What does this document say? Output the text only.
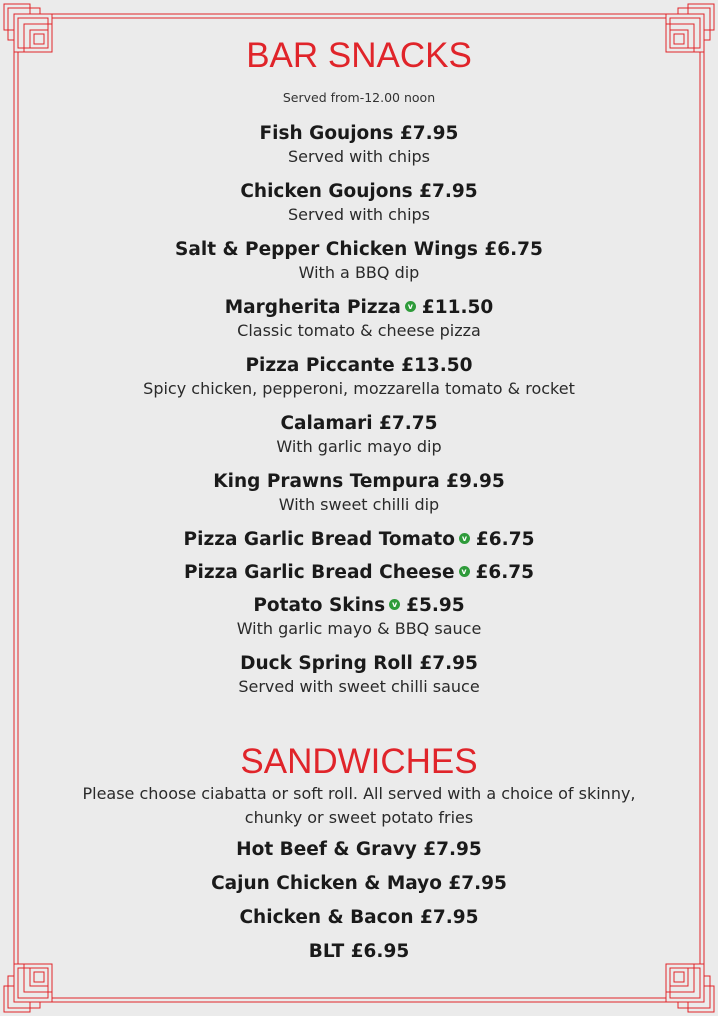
BAR SNACKS
Served from-12.00 noon
Fish Goujons £7.95
Served with chips
Chicken Goujons £7.95
Served with chips
Salt & Pepper Chicken Wings £6.75
With a BBQ dip
Margherita Pizza v £11.50
Classic tomato & cheese pizza
Pizza Piccante £13.50
Spicy chicken, pepperoni, mozzarella tomato & rocket
Calamari £7.75
With garlic mayo dip
King Prawns Tempura £9.95
With sweet chilli dip
Pizza Garlic Bread Tomato v £6.75
Pizza Garlic Bread Cheese v £6.75
Potato Skins v £5.95
With garlic mayo & BBQ sauce
Duck Spring Roll £7.95
Served with sweet chilli sauce
SANDWICHES
Please choose ciabatta or soft roll. All served with a choice of skinny,
chunky or sweet potato fries
Hot Beef & Gravy £7.95
Cajun Chicken & Mayo £7.95
Chicken & Bacon £7.95
BLT £6.95
